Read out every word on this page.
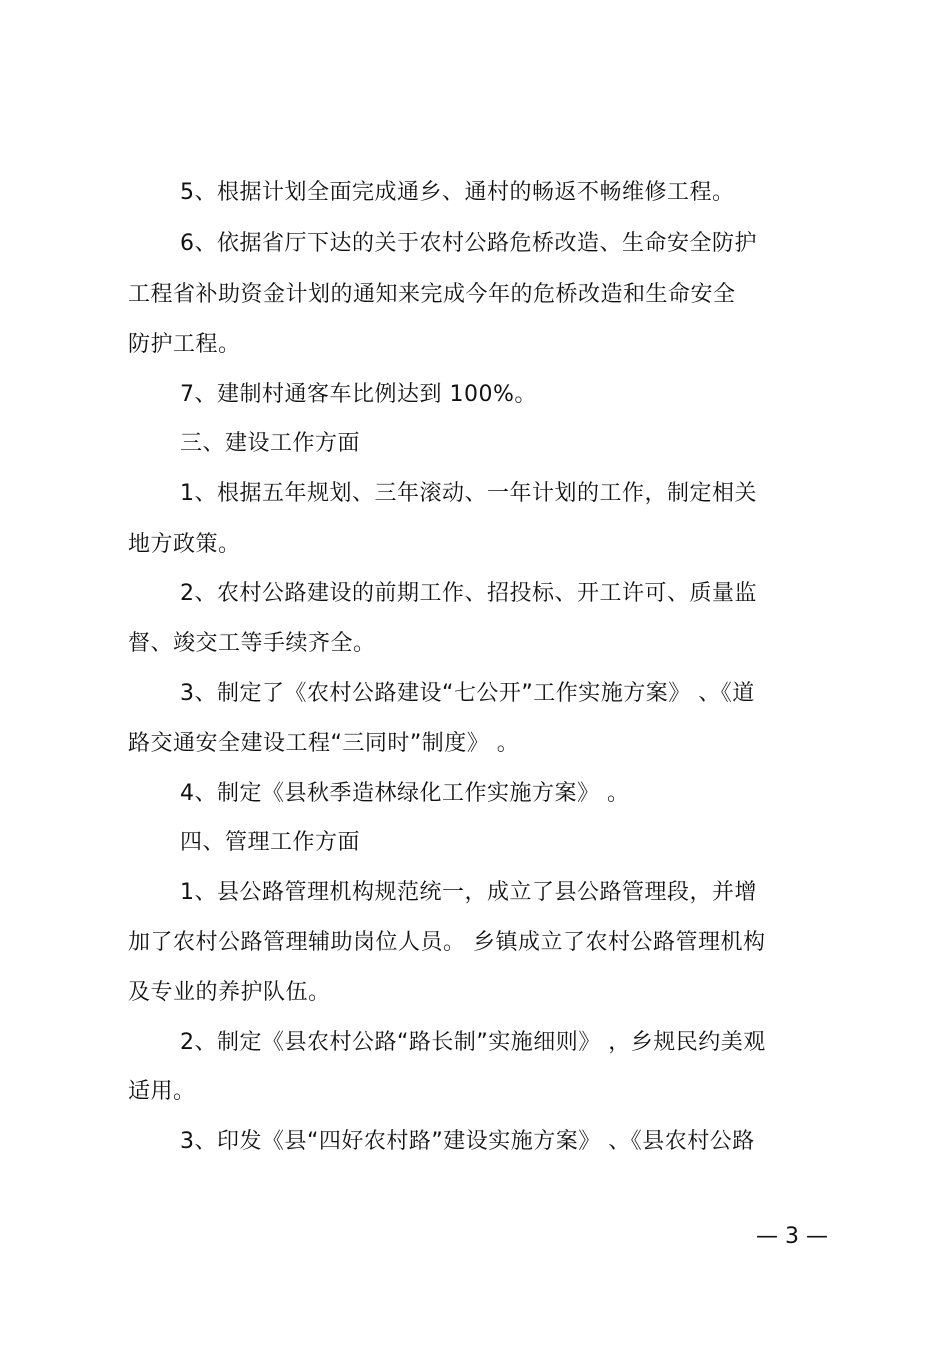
5、根据计划全面完成通乡、通村的畅返不畅维修工程。
6、依据省厅下达的关于农村公路危桥改造、生命安全防护
工程省补助资金计划的通知来完成今年的危桥改造和生命安全
防护工程。
7、建制村通客车比例达到 100%。
三、建设工作方面
1、根据五年规划、三年滚动、一年计划的工作，制定相关
地方政策。
2、农村公路建设的前期工作、招投标、开工许可、质量监
督、竣交工等手续齐全。
3、制定了《农村公路建设“七公开”工作实施方案》 、《道
路交通安全建设工程“三同时”制度》 。
4、制定《县秋季造林绿化工作实施方案》 。
四、管理工作方面
1、县公路管理机构规范统一，成立了县公路管理段，并增
加了农村公路管理辅助岗位人员。 乡镇成立了农村公路管理机构
及专业的养护队伍。
2、制定《县农村公路“路长制”实施细则》 ，乡规民约美观
适用。
3、印发《县“四好农村路”建设实施方案》 、《县农村公路
— 3 —
